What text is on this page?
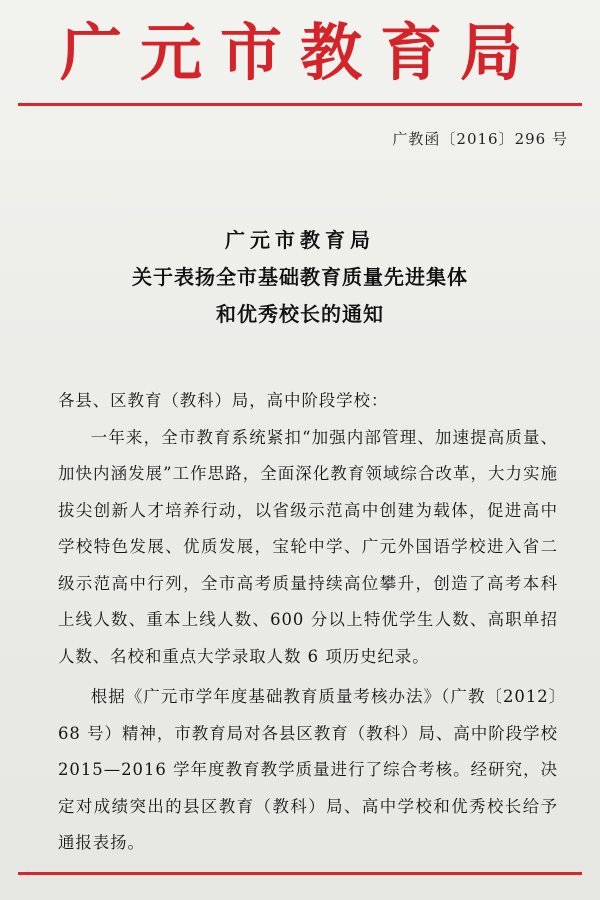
广元市教育局
广教函〔2016〕296 号
广元市教育局
关于表扬全市基础教育质量先进集体
和优秀校长的通知

各县、区教育（教科）局，高中阶段学校：

一年来，全市教育系统紧扣“加强内部管理、加速提高质量、加快内涵发展”工作思路，全面深化教育领域综合改革，大力实施拔尖创新人才培养行动，以省级示范高中创建为载体，促进高中学校特色发展、优质发展，宝轮中学、广元外国语学校进入省二级示范高中行列，全市高考质量持续高位攀升，创造了高考本科上线人数、重本上线人数、600 分以上特优学生人数、高职单招人数、名校和重点大学录取人数 6 项历史纪录。

根据《广元市学年度基础教育质量考核办法》（广教〔2012〕68 号）精神，市教育局对各县区教育（教科）局、高中阶段学校 2015—2016 学年度教育教学质量进行了综合考核。经研究，决定对成绩突出的县区教育（教科）局、高中学校和优秀校长给予通报表扬。
